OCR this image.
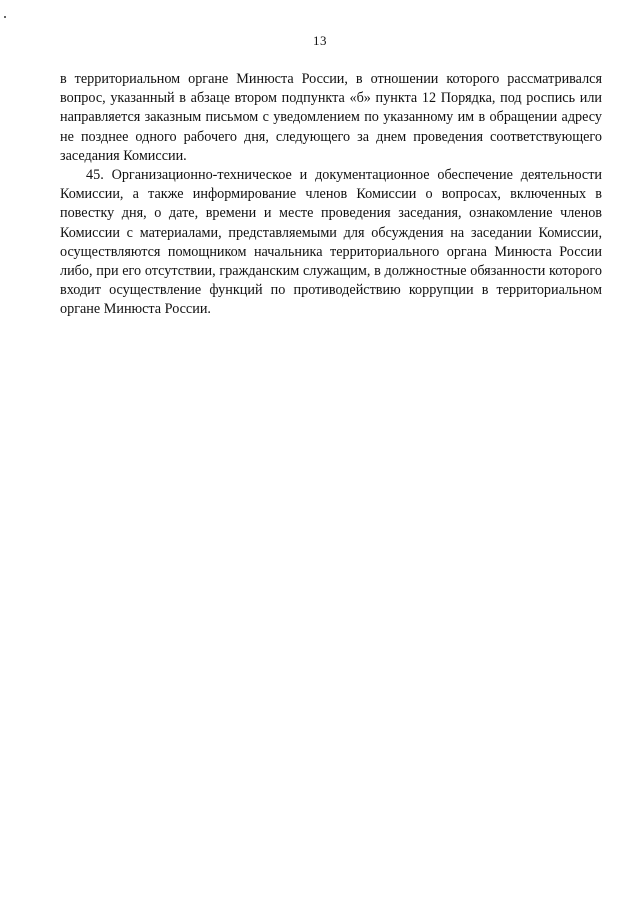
13

в территориальном органе Минюста России, в отношении которого рассматривался вопрос, указанный в абзаце втором подпункта «б» пункта 12 Порядка, под роспись или направляется заказным письмом с уведомлением по указанному им в обращении адресу не позднее одного рабочего дня, следующего за днем проведения соответствующего заседания Комиссии.

45. Организационно-техническое и документационное обеспечение деятельности Комиссии, а также информирование членов Комиссии о вопросах, включенных в повестку дня, о дате, времени и месте проведения заседания, ознакомление членов Комиссии с материалами, представляемыми для обсуждения на заседании Комиссии, осуществляются помощником начальника территориального органа Минюста России либо, при его отсутствии, гражданским служащим, в должностные обязанности которого входит осуществление функций по противодействию коррупции в территориальном органе Минюста России.
